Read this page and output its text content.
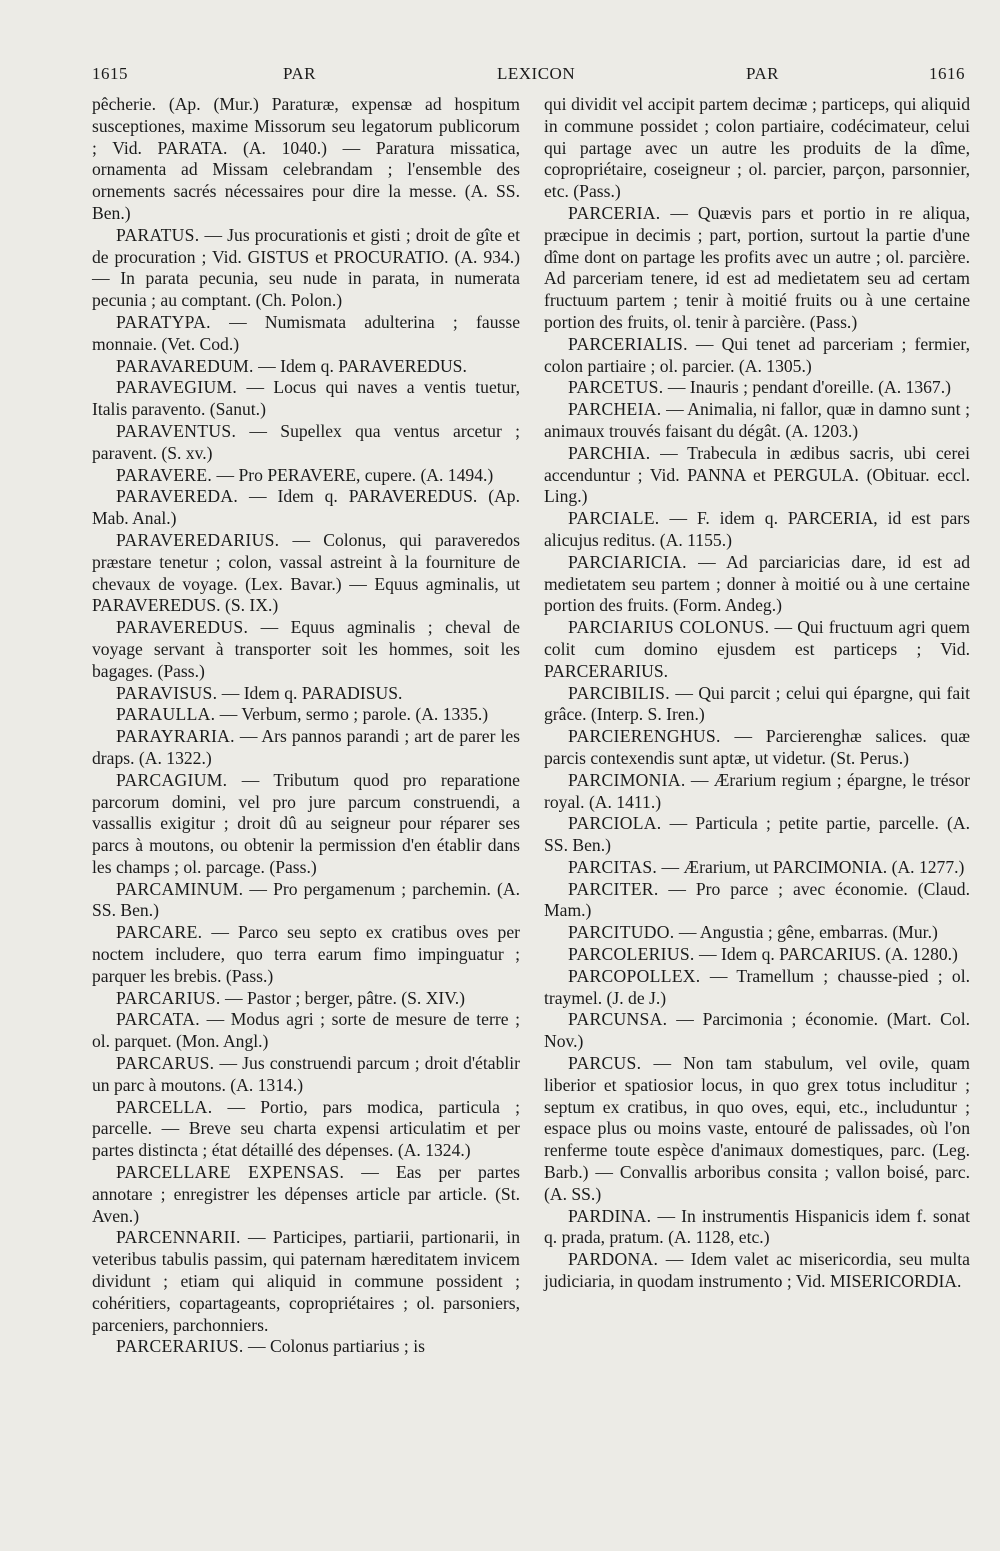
1615	PAR	LEXICON	PAR	1616

pêcherie. (Ap. (Mur.) Paraturæ, expensæ ad hospitum susceptiones, maxime Missorum seu legatorum publicorum ; Vid. PARATA. (A. 1040.) — Paratura missatica, ornamenta ad Missam celebrandam ; l'ensemble des ornements sacrés nécessaires pour dire la messe. (A. SS. Ben.)

PARATUS. — Jus procurationis et gisti ; droit de gîte et de procuration ; Vid. GISTUS et PROCURATIO. (A. 934.) — In parata pecunia, seu nude in parata, in numerata pecunia ; au comptant. (Ch. Polon.)

PARATYPA. — Numismata adulterina ; fausse monnaie. (Vet. Cod.)

PARAVAREDUM. — Idem q. PARAVEREDUS.

PARAVEGIUM. — Locus qui naves a ventis tuetur, Italis paravento. (Sanut.)

PARAVENTUS. — Supellex qua ventus arcetur ; paravent. (S. xv.)

PARAVERE. — Pro PERAVERE, cupere. (A. 1494.)

PARAVEREDA. — Idem q. PARAVEREDUS. (Ap. Mab. Anal.)

PARAVEREDARIUS. — Colonus, qui paraveredos præstare tenetur ; colon, vassal astreint à la fourniture de chevaux de voyage. (Lex. Bavar.) — Equus agminalis, ut PARAVEREDUS. (S. IX.)

PARAVEREDUS. — Equus agminalis ; cheval de voyage servant à transporter soit les hommes, soit les bagages. (Pass.)

PARAVISUS. — Idem q. PARADISUS.

PARAULLA. — Verbum, sermo ; parole. (A. 1335.)

PARAYRARIA. — Ars pannos parandi ; art de parer les draps. (A. 1322.)

PARCAGIUM. — Tributum quod pro reparatione parcorum domini, vel pro jure parcum construendi, a vassallis exigitur ; droit dû au seigneur pour réparer ses parcs à moutons, ou obtenir la permission d'en établir dans les champs ; ol. parcage. (Pass.)

PARCAMINUM. — Pro pergamenum ; parchemin. (A. SS. Ben.)

PARCARE. — Parco seu septo ex cratibus oves per noctem includere, quo terra earum fimo impinguatur ; parquer les brebis. (Pass.)

PARCARIUS. — Pastor ; berger, pâtre. (S. XIV.)

PARCATA. — Modus agri ; sorte de mesure de terre ; ol. parquet. (Mon. Angl.)

PARCARUS. — Jus construendi parcum ; droit d'établir un parc à moutons. (A. 1314.)

PARCELLA. — Portio, pars modica, particula ; parcelle. — Breve seu charta expensi articulatim et per partes distincta ; état détaillé des dépenses. (A. 1324.)

PARCELLARE EXPENSAS. — Eas per partes annotare ; enregistrer les dépenses article par article. (St. Aven.)

PARCENNARII. — Participes, partiarii, partionarii, in veteribus tabulis passim, qui paternam hæreditatem invicem dividunt ; etiam qui aliquid in commune possident ; cohéritiers, copartageants, copropriétaires ; ol. parsoniers, parceniers, parchonniers.

PARCERARIUS. — Colonus partiarius ; is

qui dividit vel accipit partem decimæ ; particeps, qui aliquid in commune possidet ; colon partiaire, codécimateur, celui qui partage avec un autre les produits de la dîme, copropriétaire, coseigneur ; ol. parcier, parçon, parsonnier, etc. (Pass.)

PARCERIA. — Quævis pars et portio in re aliqua, præcipue in decimis ; part, portion, surtout la partie d'une dîme dont on partage les profits avec un autre ; ol. parcière. Ad parceriam tenere, id est ad medietatem seu ad certam fructuum partem ; tenir à moitié fruits ou à une certaine portion des fruits, ol. tenir à parcière. (Pass.)

PARCERIALIS. — Qui tenet ad parceriam ; fermier, colon partiaire ; ol. parcier. (A. 1305.)

PARCETUS. — Inauris ; pendant d'oreille. (A. 1367.)

PARCHEIA. — Animalia, ni fallor, quæ in damno sunt ; animaux trouvés faisant du dégât. (A. 1203.)

PARCHIA. — Trabecula in ædibus sacris, ubi cerei accenduntur ; Vid. PANNA et PERGULA. (Obituar. eccl. Ling.)

PARCIALE. — F. idem q. PARCERIA, id est pars alicujus reditus. (A. 1155.)

PARCIARICIA. — Ad parciaricias dare, id est ad medietatem seu partem ; donner à moitié ou à une certaine portion des fruits. (Form. Andeg.)

PARCIARIUS COLONUS. — Qui fructuum agri quem colit cum domino ejusdem est particeps ; Vid. PARCERARIUS.

PARCIBILIS. — Qui parcit ; celui qui épargne, qui fait grâce. (Interp. S. Iren.)

PARCIERENGHUS. — Parcierenghæ salices. quæ parcis contexendis sunt aptæ, ut videtur. (St. Perus.)

PARCIMONIA. — Ærarium regium ; épargne, le trésor royal. (A. 1411.)

PARCIOLA. — Particula ; petite partie, parcelle. (A. SS. Ben.)

PARCITAS. — Ærarium, ut PARCIMONIA. (A. 1277.)

PARCITER. — Pro parce ; avec économie. (Claud. Mam.)

PARCITUDO. — Angustia ; gêne, embarras. (Mur.)

PARCOLERIUS. — Idem q. PARCARIUS. (A. 1280.)

PARCOPOLLEX. — Tramellum ; chausse-pied ; ol. traymel. (J. de J.)

PARCUNSA. — Parcimonia ; économie. (Mart. Col. Nov.)

PARCUS. — Non tam stabulum, vel ovile, quam liberior et spatiosior locus, in quo grex totus includitur ; septum ex cratibus, in quo oves, equi, etc., includuntur ; espace plus ou moins vaste, entouré de palissades, où l'on renferme toute espèce d'animaux domestiques, parc. (Leg. Barb.) — Convallis arboribus consita ; vallon boisé, parc. (A. SS.)

PARDINA. — In instrumentis Hispanicis idem f. sonat q. prada, pratum. (A. 1128, etc.)

PARDONA. — Idem valet ac misericordia, seu multa judiciaria, in quodam instrumento ; Vid. MISERICORDIA.
